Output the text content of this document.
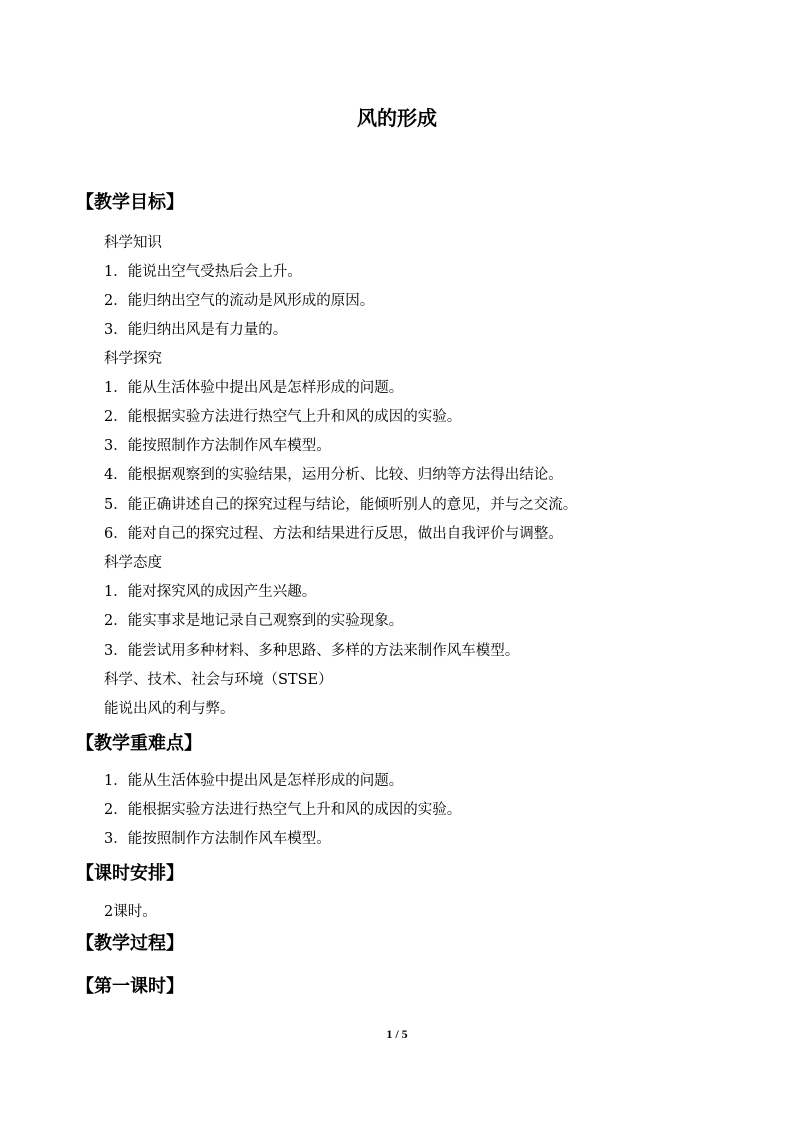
风的形成
【教学目标】
科学知识
1．能说出空气受热后会上升。
2．能归纳出空气的流动是风形成的原因。
3．能归纳出风是有力量的。
科学探究
1．能从生活体验中提出风是怎样形成的问题。
2．能根据实验方法进行热空气上升和风的成因的实验。
3．能按照制作方法制作风车模型。
4．能根据观察到的实验结果，运用分析、比较、归纳等方法得出结论。
5．能正确讲述自己的探究过程与结论，能倾听别人的意见，并与之交流。
6．能对自己的探究过程、方法和结果进行反思，做出自我评价与调整。
科学态度
1．能对探究风的成因产生兴趣。
2．能实事求是地记录自己观察到的实验现象。
3．能尝试用多种材料、多种思路、多样的方法来制作风车模型。
科学、技术、社会与环境（STSE）
能说出风的利与弊。
【教学重难点】
1．能从生活体验中提出风是怎样形成的问题。
2．能根据实验方法进行热空气上升和风的成因的实验。
3．能按照制作方法制作风车模型。
【课时安排】
2课时。
【教学过程】
【第一课时】
1 / 5
